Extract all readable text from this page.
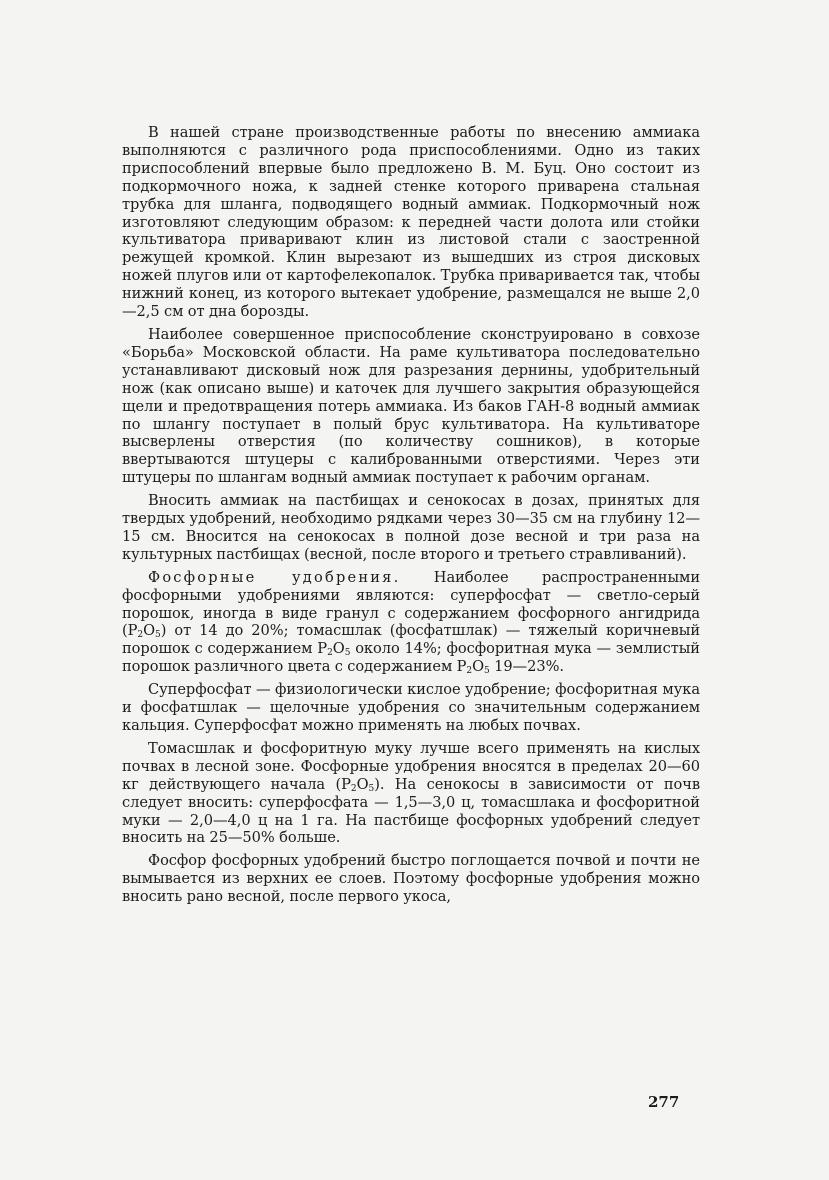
В нашей стране производственные работы по внесению аммиака выполняются с различного рода приспособлениями. Одно из таких приспособлений впервые было предложено В. М. Буц. Оно состоит из подкормочного ножа, к задней стенке которого приварена стальная трубка для шланга, подводящего водный аммиак. Подкормочный нож изготовляют следующим образом: к передней части долота или стойки культиватора приваривают клин из листовой стали с заостренной режущей кромкой. Клин вырезают из вышедших из строя дисковых ножей плугов или от картофелекопалок. Трубка приваривается так, чтобы нижний конец, из которого вытекает удобрение, размещался не выше 2,0—2,5 см от дна борозды.

Наиболее совершенное приспособление сконструировано в совхозе «Борьба» Московской области. На раме культиватора последовательно устанавливают дисковый нож для разрезания дернины, удобрительный нож (как описано выше) и каточек для лучшего закрытия образующейся щели и предотвращения потерь аммиака. Из баков ГАН-8 водный аммиак по шлангу поступает в полый брус культиватора. На культиваторе высверлены отверстия (по количеству сошников), в которые ввертываются штуцеры с калиброванными отверстиями. Через эти штуцеры по шлангам водный аммиак поступает к рабочим органам.

Вносить аммиак на пастбищах и сенокосах в дозах, принятых для твердых удобрений, необходимо рядками через 30—35 см на глубину 12—15 см. Вносится на сенокосах в полной дозе весной и три раза на культурных пастбищах (весной, после второго и третьего стравливаний).

Фосфорные удобрения. Наиболее распространенными фосфорными удобрениями являются: суперфосфат — светло-серый порошок, иногда в виде гранул с содержанием фосфорного ангидрида $(P_2O_5)$ от 14 до 20%; томасшлак (фосфатшлак) — тяжелый коричневый порошок с содержанием $P_2O_5$ около 14%; фосфоритная мука — землистый порошок различного цвета с содержанием $P_2O_5$ 19—23%.

Суперфосфат — физиологически кислое удобрение; фосфоритная мука и фосфатшлак — щелочные удобрения со значительным содержанием кальция. Суперфосфат можно применять на любых почвах.

Томасшлак и фосфоритную муку лучше всего применять на кислых почвах в лесной зоне. Фосфорные удобрения вносятся в пределах 20—60 кг действующего начала $(P_2O_5)$. На сенокосы в зависимости от почв следует вносить: суперфосфата — 1,5—3,0 ц, томасшлака и фосфоритной муки — 2,0—4,0 ц на 1 га. На пастбище фосфорных удобрений следует вносить на 25—50% больше.

Фосфор фосфорных удобрений быстро поглощается почвой и почти не вымывается из верхних ее слоев. Поэтому фосфорные удобрения можно вносить рано весной, после первого укоса,

277
